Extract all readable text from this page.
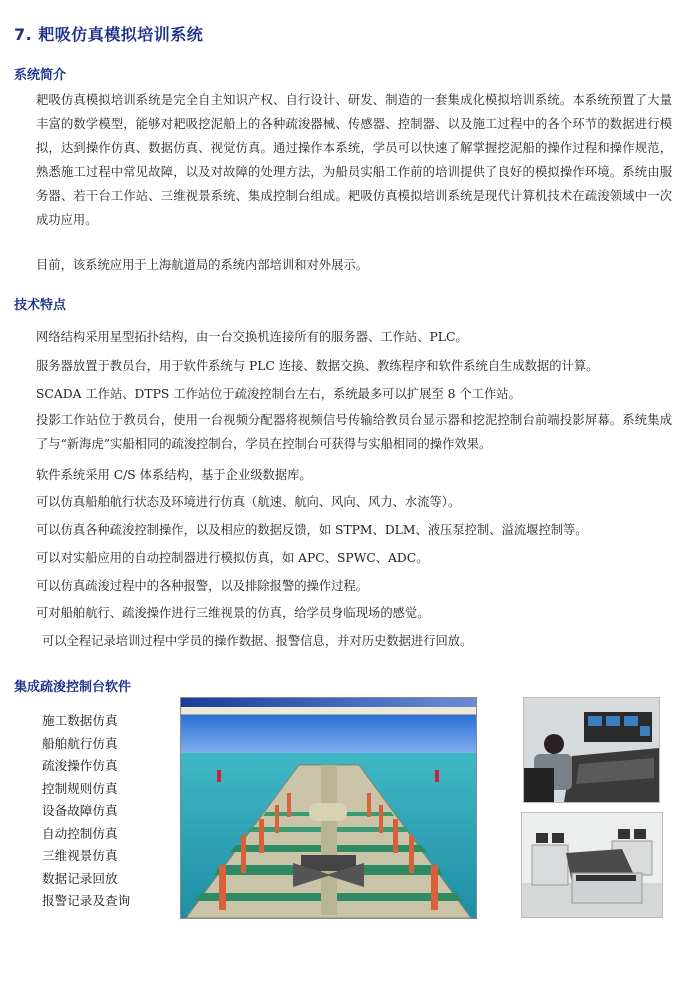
7. 耙吸仿真模拟培训系统
系统简介

耙吸仿真模拟培训系统是完全自主知识产权、自行设计、研发、制造的一套集成化模拟培训系统。本系统预置了大量丰富的数学模型，能够对耙吸挖泥船上的各种疏浚器械、传感器、控制器、以及施工过程中的各个环节的数据进行模拟，达到操作仿真、数据仿真、视觉仿真。通过操作本系统，学员可以快速了解掌握挖泥船的操作过程和操作规范，熟悉施工过程中常见故障，以及对故障的处理方法，为船员实船工作前的培训提供了良好的模拟操作环境。系统由服务器、若干台工作站、三维视景系统、集成控制台组成。耙吸仿真模拟培训系统是现代计算机技术在疏浚领域中一次成功应用。

目前，该系统应用于上海航道局的系统内部培训和对外展示。
技术特点
网络结构采用星型拓扑结构，由一台交换机连接所有的服务器、工作站、PLC。
服务器放置于教员台，用于软件系统与 PLC 连接、数据交换、教练程序和软件系统自生成数据的计算。
SCADA 工作站、DTPS 工作站位于疏浚控制台左右，系统最多可以扩展至 8 个工作站。

投影工作站位于教员台，使用一台视频分配器将视频信号传输给教员台显示器和挖泥控制台前端投影屏幕。系统集成了与“新海虎”实船相同的疏浚控制台，学员在控制台可获得与实船相同的操作效果。

软件系统采用 C/S 体系结构，基于企业级数据库。
可以仿真船舶航行状态及环境进行仿真（航速、航向、风向、风力、水流等）。
可以仿真各种疏浚控制操作，以及相应的数据反馈，如 STPM、DLM、液压泵控制、溢流堰控制等。
可以对实船应用的自动控制器进行模拟仿真，如 APC、SPWC、ADC。
可以仿真疏浚过程中的各种报警，以及排除报警的操作过程。
可对船舶航行、疏浚操作进行三维视景的仿真，给学员身临现场的感觉。
可以全程记录培训过程中学员的操作数据、报警信息，并对历史数据进行回放。
集成疏浚控制台软件
施工数据仿真
船舶航行仿真
疏浚操作仿真
控制规则仿真
设备故障仿真
自动控制仿真
三维视景仿真
数据记录回放
报警记录及查询
